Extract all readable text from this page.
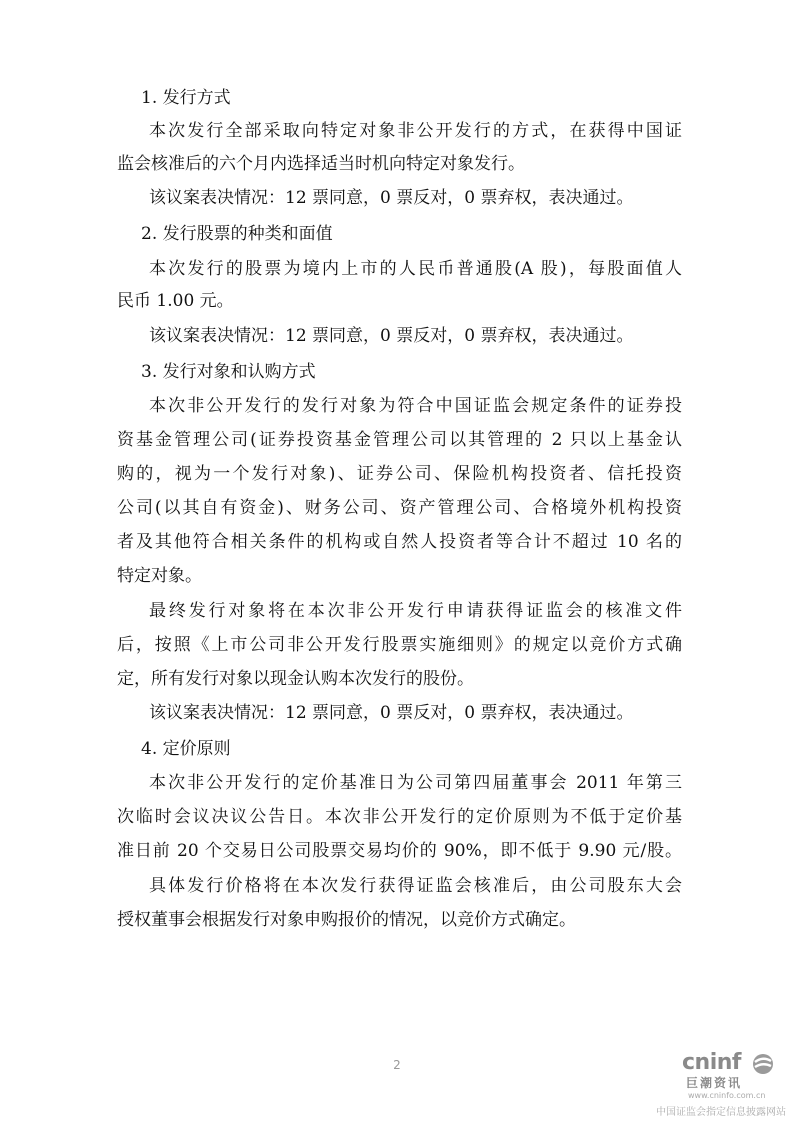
1. 发行方式
本次发行全部采取向特定对象非公开发行的方式，在获得中国证
监会核准后的六个月内选择适当时机向特定对象发行。
该议案表决情况：12 票同意，0 票反对，0 票弃权，表决通过。
2. 发行股票的种类和面值
本次发行的股票为境内上市的人民币普通股(A 股)，每股面值人
民币 1.00 元。
该议案表决情况：12 票同意，0 票反对，0 票弃权，表决通过。
3. 发行对象和认购方式
本次非公开发行的发行对象为符合中国证监会规定条件的证券投
资基金管理公司(证券投资基金管理公司以其管理的 2 只以上基金认
购的，视为一个发行对象)、证券公司、保险机构投资者、信托投资
公司(以其自有资金)、财务公司、资产管理公司、合格境外机构投资
者及其他符合相关条件的机构或自然人投资者等合计不超过 10 名的
特定对象。
最终发行对象将在本次非公开发行申请获得证监会的核准文件
后，按照《上市公司非公开发行股票实施细则》的规定以竞价方式确
定，所有发行对象以现金认购本次发行的股份。
该议案表决情况：12 票同意，0 票反对，0 票弃权，表决通过。
4. 定价原则
本次非公开发行的定价基准日为公司第四届董事会 2011 年第三
次临时会议决议公告日。本次非公开发行的定价原则为不低于定价基
准日前 20 个交易日公司股票交易均价的 90%，即不低于 9.90 元/股。
具体发行价格将在本次发行获得证监会核准后，由公司股东大会
授权董事会根据发行对象申购报价的情况，以竞价方式确定。
2	cninf
巨潮资讯
www.cninfo.com.cn
中国证监会指定信息披露网站
